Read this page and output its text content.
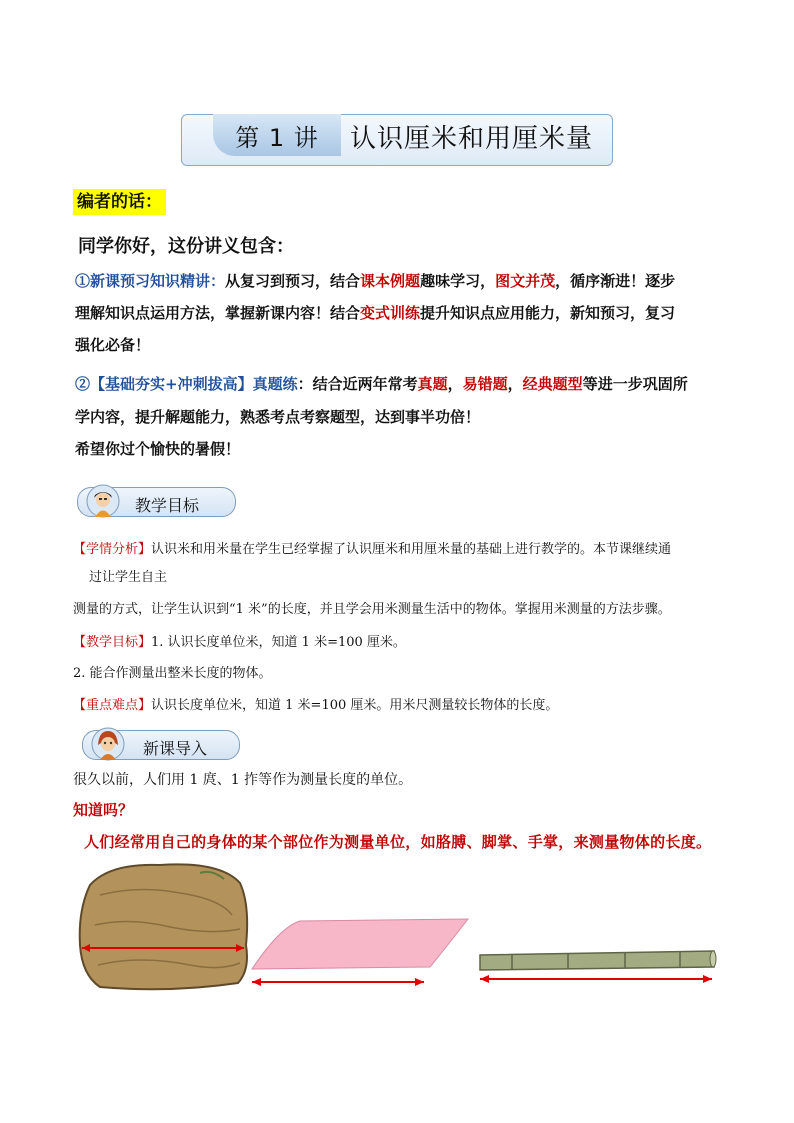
第 1 讲	认识厘米和用厘米量
编者的话：
同学你好，这份讲义包含：
①新课预习知识精讲：从复习到预习，结合课本例题趣味学习，图文并茂，循序渐进！逐步
理解知识点运用方法，掌握新课内容！结合变式训练提升知识点应用能力，新知预习，复习
强化必备！
②【基础夯实+冲刺拔高】真题练：结合近两年常考真题，易错题，经典题型等进一步巩固所
学内容，提升解题能力，熟悉考点考察题型，达到事半功倍！
希望你过个愉快的暑假！
教学目标
【学情分析】认识米和用米量在学生已经掌握了认识厘米和用厘米量的基础上进行教学的。本节课继续通
过让学生自主
测量的方式，让学生认识到“1 米”的长度，并且学会用米测量生活中的物体。掌握用米测量的方法步骤。
【教学目标】1. 认识长度单位米，知道 1 米=100 厘米。
2. 能合作测量出整米长度的物体。
【重点难点】认识长度单位米，知道 1 米=100 厘米。用米尺测量较长物体的长度。
新课导入
很久以前，人们用 1 庹、1 拃等作为测量长度的单位。
知道吗？
人们经常用自己的身体的某个部位作为测量单位，如胳膊、脚掌、手掌，来测量物体的长度。
